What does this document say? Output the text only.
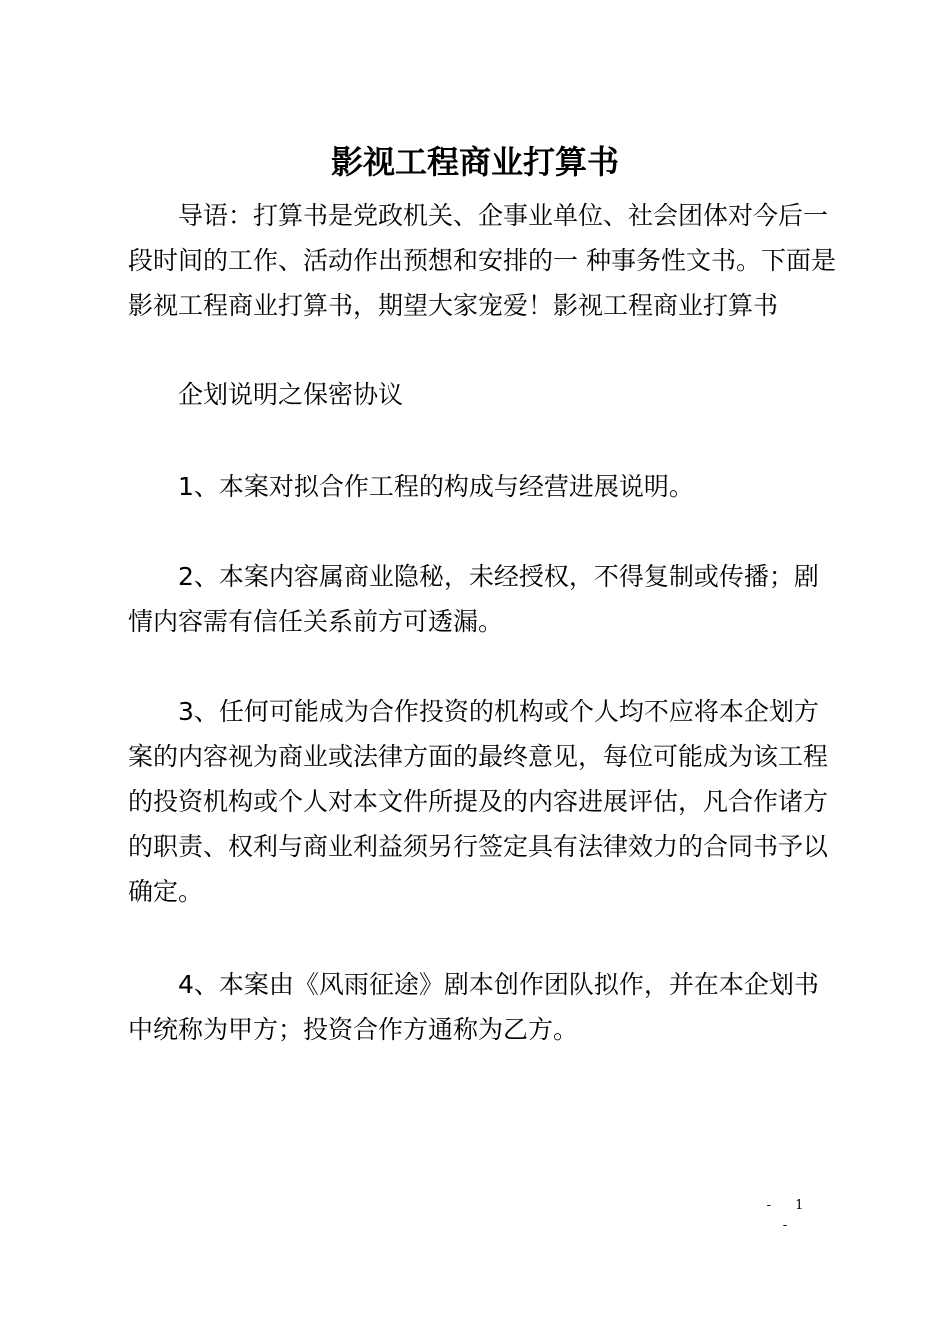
影视工程商业打算书

导语：打算书是党政机关、企事业单位、社会团体对今后一 段时间的工作、活动作出预想和安排的一 种事务性文书。下面是影视工程商业打算书，期望大家宠爱！影视工程商业打算书

企划说明之保密协议

1、本案对拟合作工程的构成与经营进展说明。

2、本案内容属商业隐秘，未经授权，不得复制或传播；剧情内容需有信任关系前方可透漏。

3、任何可能成为合作投资的机构或个人均不应将本企划方案的内容视为商业或法律方面的最终意见，每位可能成为该工程的投资机构或个人对本文件所提及的内容进展评估，凡合作诸方 的职责、权利与商业利益须另行签定具有法律效力的合同书予以 确定。

4、本案由《风雨征途》剧本创作团队拟作，并在本企划书中统称为甲方；投资合作方通称为乙方。

- 1 -
